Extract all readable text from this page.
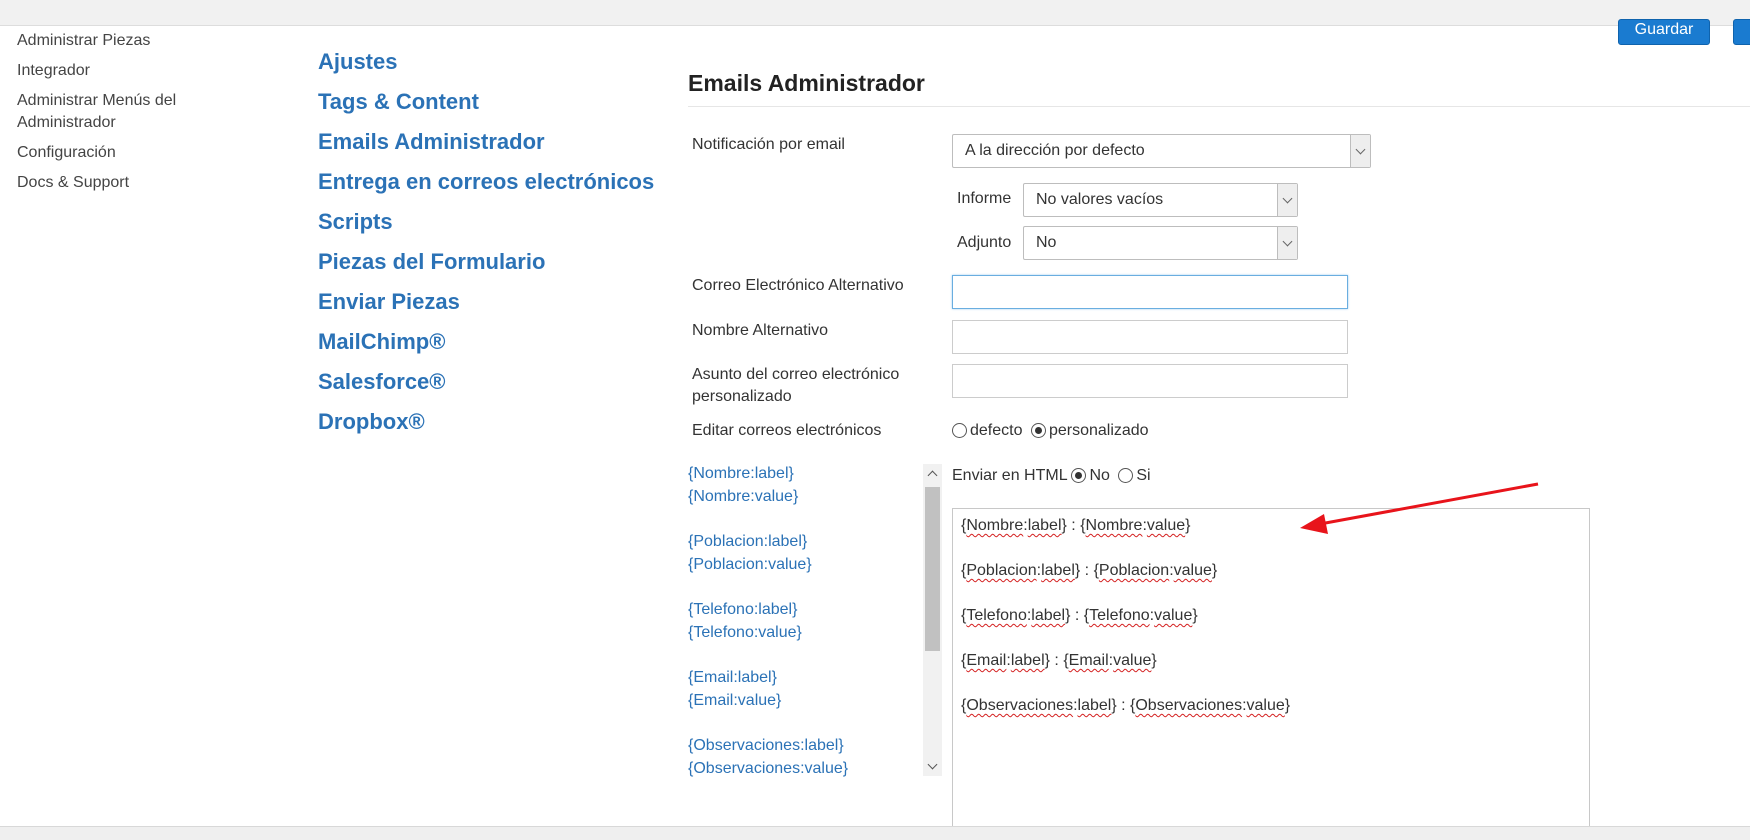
Guardar
Administrar Piezas
Integrador
Administrar Menús del Administrador
Configuración
Docs & Support
Ajustes
Tags & Content
Emails Administrador
Entrega en correos electrónicos
Scripts
Piezas del Formulario
Enviar Piezas
MailChimp®
Salesforce®
Dropbox®
Emails Administrador
Notificación por email	A la dirección por defecto
Informe No valores vacíos
Adjunto No
Correo Electrónico Alternativo
Nombre Alternativo
Asunto del correo electrónico personalizado
Editar correos electrónicos	defecto personalizado
{Nombre:label}
{Nombre:value}
{Poblacion:label}
{Poblacion:value}
{Telefono:label}
{Telefono:value}
{Email:label}
{Email:value}
{Observaciones:label}
{Observaciones:value}
Enviar en HTML No Si
{Nombre:label} : {Nombre:value}
{Poblacion:label} : {Poblacion:value}
{Telefono:label} : {Telefono:value}
{Email:label} : {Email:value}
{Observaciones:label} : {Observaciones:value}
